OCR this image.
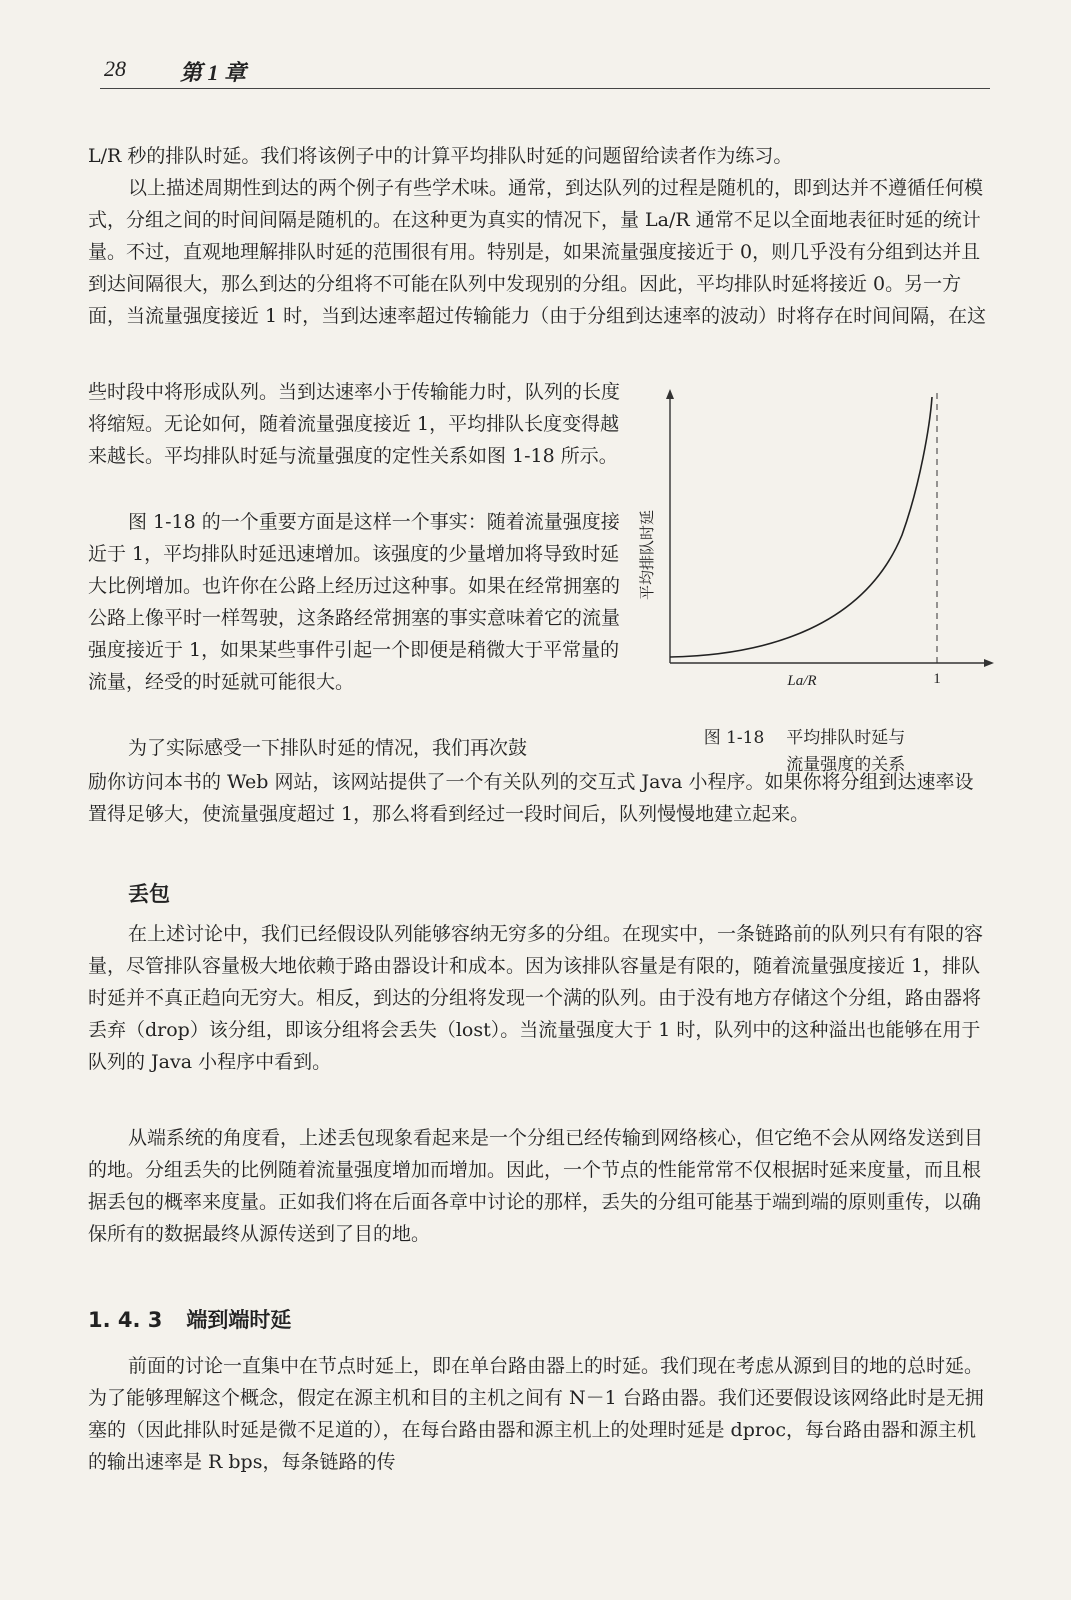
28 第 1 章

L/R 秒的排队时延。我们将该例子中的计算平均排队时延的问题留给读者作为练习。

以上描述周期性到达的两个例子有些学术味。通常，到达队列的过程是随机的，即到达并不遵循任何模式，分组之间的时间间隔是随机的。在这种更为真实的情况下，量 La/R 通常不足以全面地表征时延的统计量。不过，直观地理解排队时延的范围很有用。特别是，如果流量强度接近于 0，则几乎没有分组到达并且到达间隔很大，那么到达的分组将不可能在队列中发现别的分组。因此，平均排队时延将接近 0。另一方面，当流量强度接近 1 时，当到达速率超过传输能力（由于分组到达速率的波动）时将存在时间间隔，在这

些时段中将形成队列。当到达速率小于传输能力时，队列的长度将缩短。无论如何，随着流量强度接近 1，平均排队长度变得越来越长。平均排队时延与流量强度的定性关系如图 1-18 所示。

图 1-18 的一个重要方面是这样一个事实：随着流量强度接近于 1，平均排队时延迅速增加。该强度的少量增加将导致时延大比例增加。也许你在公路上经历过这种事。如果在经常拥塞的公路上像平时一样驾驶，这条路经常拥塞的事实意味着它的流量强度接近于 1，如果某些事件引起一个即便是稍微大于平常量的流量，经受的时延就可能很大。

为了实际感受一下排队时延的情况，我们再次鼓

励你访问本书的 Web 网站，该网站提供了一个有关队列的交互式 Java 小程序。如果你将分组到达速率设置得足够大，使流量强度超过 1，那么将看到经过一段时间后，队列慢慢地建立起来。

丢包

在上述讨论中，我们已经假设队列能够容纳无穷多的分组。在现实中，一条链路前的队列只有有限的容量，尽管排队容量极大地依赖于路由器设计和成本。因为该排队容量是有限的，随着流量强度接近 1，排队时延并不真正趋向无穷大。相反，到达的分组将发现一个满的队列。由于没有地方存储这个分组，路由器将丢弃（drop）该分组，即该分组将会丢失（lost）。当流量强度大于 1 时，队列中的这种溢出也能够在用于队列的 Java 小程序中看到。

从端系统的角度看，上述丢包现象看起来是一个分组已经传输到网络核心，但它绝不会从网络发送到目的地。分组丢失的比例随着流量强度增加而增加。因此，一个节点的性能常常不仅根据时延来度量，而且根据丢包的概率来度量。正如我们将在后面各章中讨论的那样，丢失的分组可能基于端到端的原则重传，以确保所有的数据最终从源传送到了目的地。

1. 4. 3 端到端时延

前面的讨论一直集中在节点时延上，即在单台路由器上的时延。我们现在考虑从源到目的地的总时延。为了能够理解这个概念，假定在源主机和目的主机之间有 N－1 台路由器。我们还要假设该网络此时是无拥塞的（因此排队时延是微不足道的），在每台路由器和源主机上的处理时延是 dproc，每台路由器和源主机的输出速率是 R bps，每条链路的传

平均排队时延
La/R	1
图 1-18 平均排队时延与流量强度的关系
